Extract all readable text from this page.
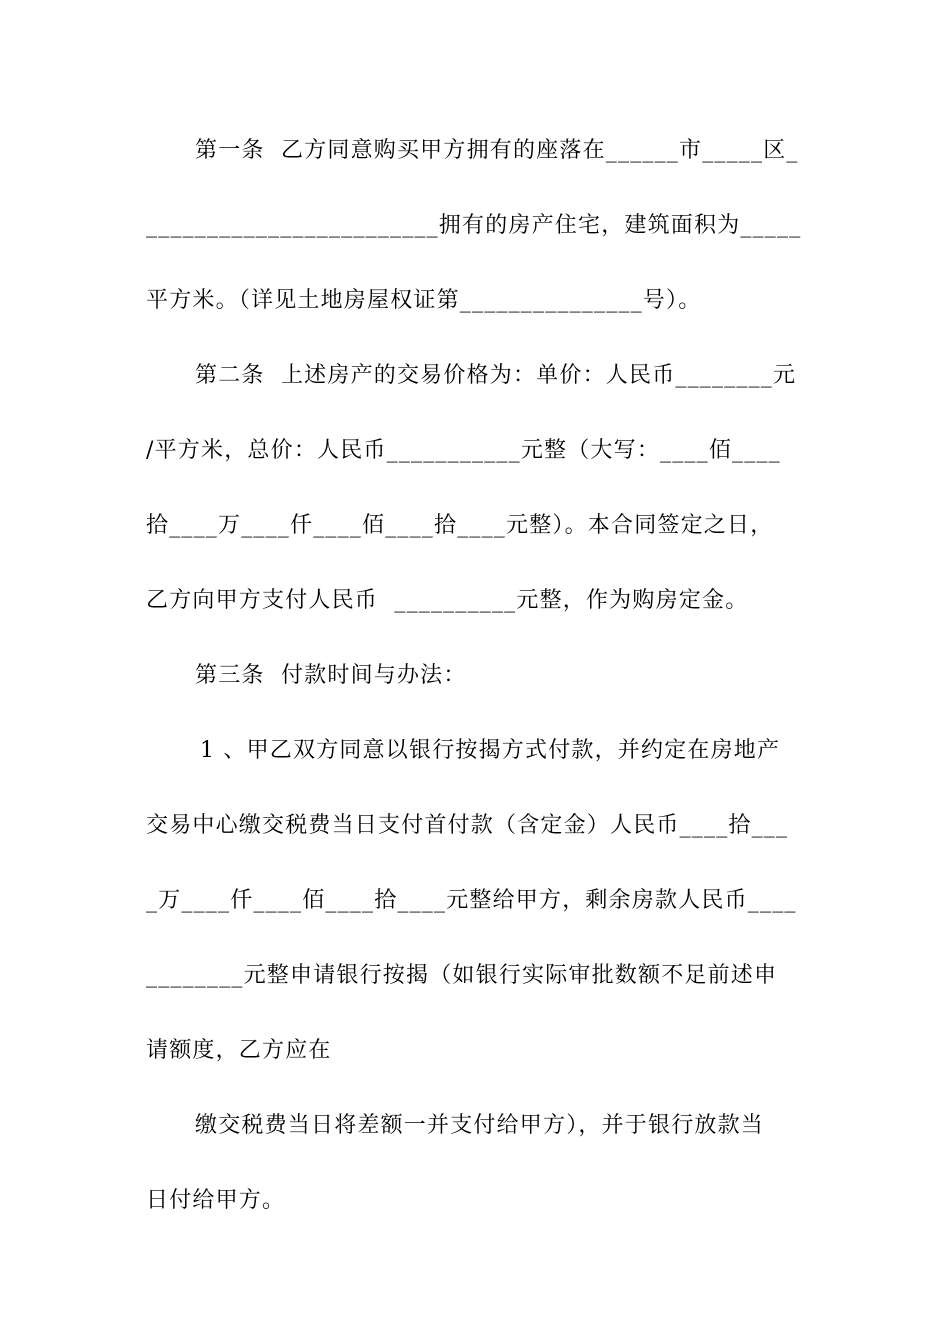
第一条  乙方同意购买甲方拥有的座落在______市_____区_
________________________拥有的房产住宅，建筑面积为_____
平方米。（详见土地房屋权证第_______________号）。
第二条  上述房产的交易价格为：单价：人民币________元
/平方米，总价：人民币___________元整（大写：____佰____
拾____万____仟____佰____拾____元整）。本合同签定之日，
乙方向甲方支付人民币  __________元整，作为购房定金。
第三条  付款时间与办法：
1 、甲乙双方同意以银行按揭方式付款，并约定在房地产
交易中心缴交税费当日支付首付款（含定金）人民币____拾___
_万____仟____佰____拾____元整给甲方，剩余房款人民币____
________元整申请银行按揭（如银行实际审批数额不足前述申
请额度，乙方应在
缴交税费当日将差额一并支付给甲方），并于银行放款当
日付给甲方。
